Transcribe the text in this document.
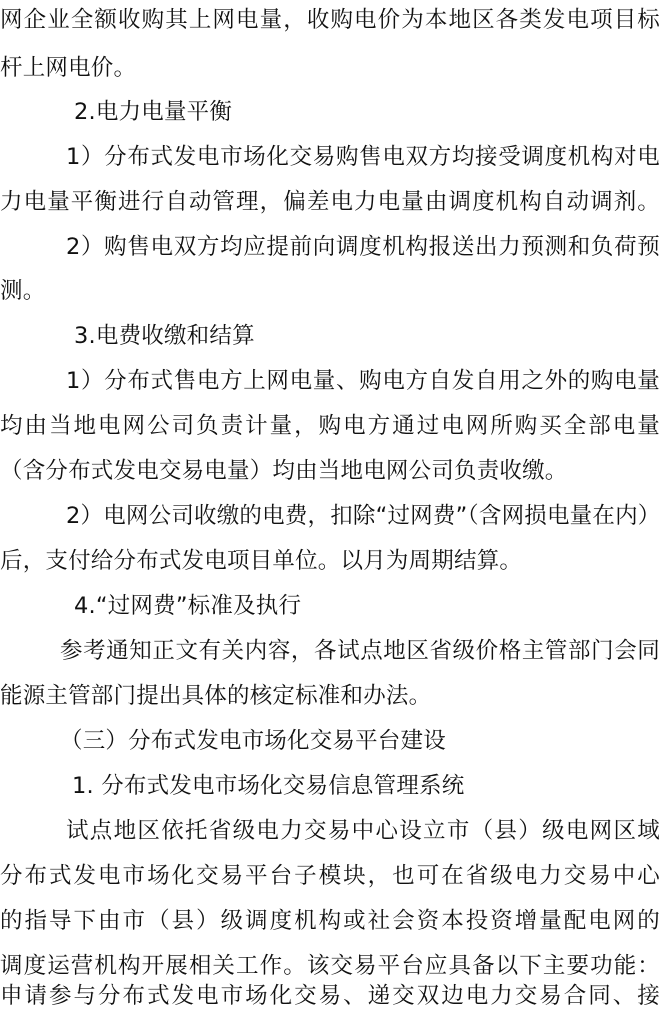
网企业全额收购其上网电量，收购电价为本地区各类发电项目标
杆上网电价。
2.电力电量平衡
1）分布式发电市场化交易购售电双方均接受调度机构对电
力电量平衡进行自动管理，偏差电力电量由调度机构自动调剂。
2）购售电双方均应提前向调度机构报送出力预测和负荷预
测。
3.电费收缴和结算
1）分布式售电方上网电量、购电方自发自用之外的购电量
均由当地电网公司负责计量，购电方通过电网所购买全部电量
（含分布式发电交易电量）均由当地电网公司负责收缴。
2）电网公司收缴的电费，扣除“过网费”（含网损电量在内）
后，支付给分布式发电项目单位。以月为周期结算。
4.“过网费”标准及执行
参考通知正文有关内容，各试点地区省级价格主管部门会同
能源主管部门提出具体的核定标准和办法。
（三）分布式发电市场化交易平台建设
1. 分布式发电市场化交易信息管理系统
试点地区依托省级电力交易中心设立市（县）级电网区域
分布式发电市场化交易平台子模块，也可在省级电力交易中心
的指导下由市（县）级调度机构或社会资本投资增量配电网的
调度运营机构开展相关工作。该交易平台应具备以下主要功能：
申请参与分布式发电市场化交易、递交双边电力交易合同、接
